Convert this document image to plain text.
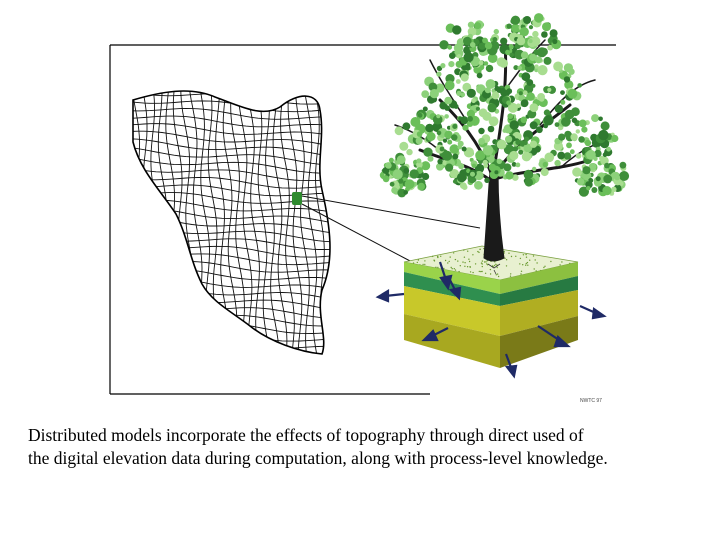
NWTC 97
Distributed models incorporate the effects of topography through direct used of
the digital elevation data during computation, along with process-level knowledge.
